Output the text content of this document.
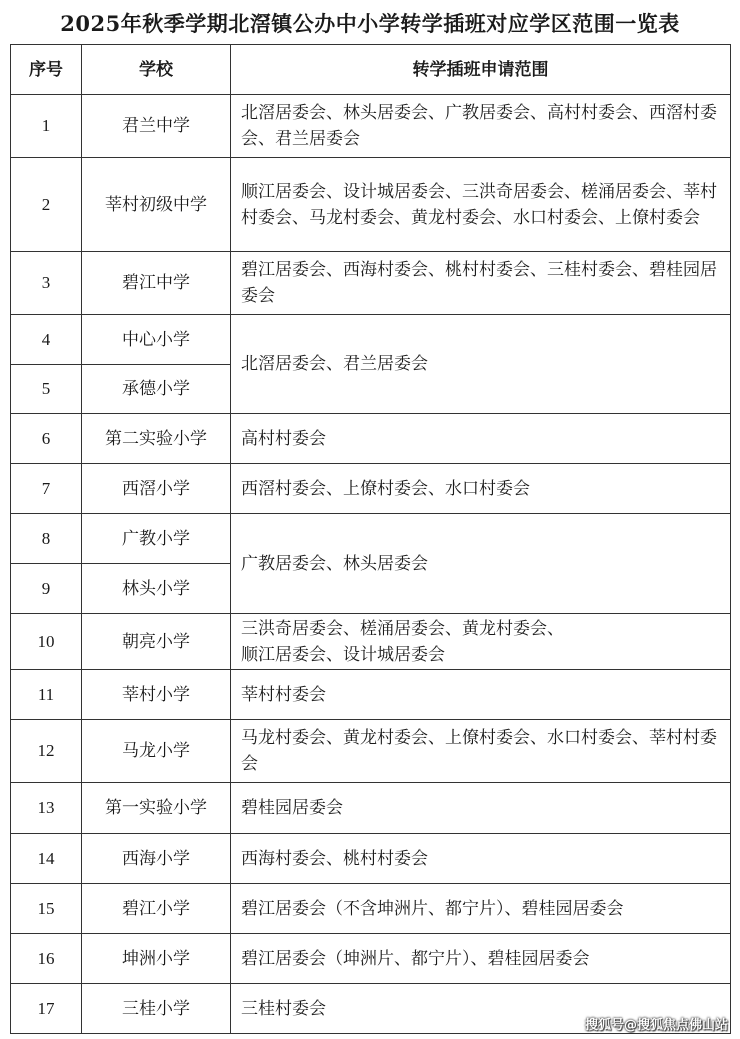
2025年秋季学期北滘镇公办中小学转学插班对应学区范围一览表
序号	学校	转学插班申请范围
1	君兰中学	北滘居委会、林头居委会、广教居委会、高村村委会、西滘村委会、君兰居委会
2	莘村初级中学	顺江居委会、设计城居委会、三洪奇居委会、槎涌居委会、莘村村委会、马龙村委会、黄龙村委会、水口村委会、上僚村委会
3	碧江中学	碧江居委会、西海村委会、桃村村委会、三桂村委会、碧桂园居委会
4	中心小学	北滘居委会、君兰居委会
5	承德小学	
6	第二实验小学	高村村委会
7	西滘小学	西滘村委会、上僚村委会、水口村委会
8	广教小学	广教居委会、林头居委会
9	林头小学	
10	朝亮小学	三洪奇居委会、槎涌居委会、黄龙村委会、顺江居委会、设计城居委会
11	莘村小学	莘村村委会
12	马龙小学	马龙村委会、黄龙村委会、上僚村委会、水口村委会、莘村村委会
13	第一实验小学	碧桂园居委会
14	西海小学	西海村委会、桃村村委会
15	碧江小学	碧江居委会（不含坤洲片、都宁片）、碧桂园居委会
16	坤洲小学	碧江居委会（坤洲片、都宁片）、碧桂园居委会
17	三桂小学	三桂村委会
搜狐号@搜狐焦点佛山站
